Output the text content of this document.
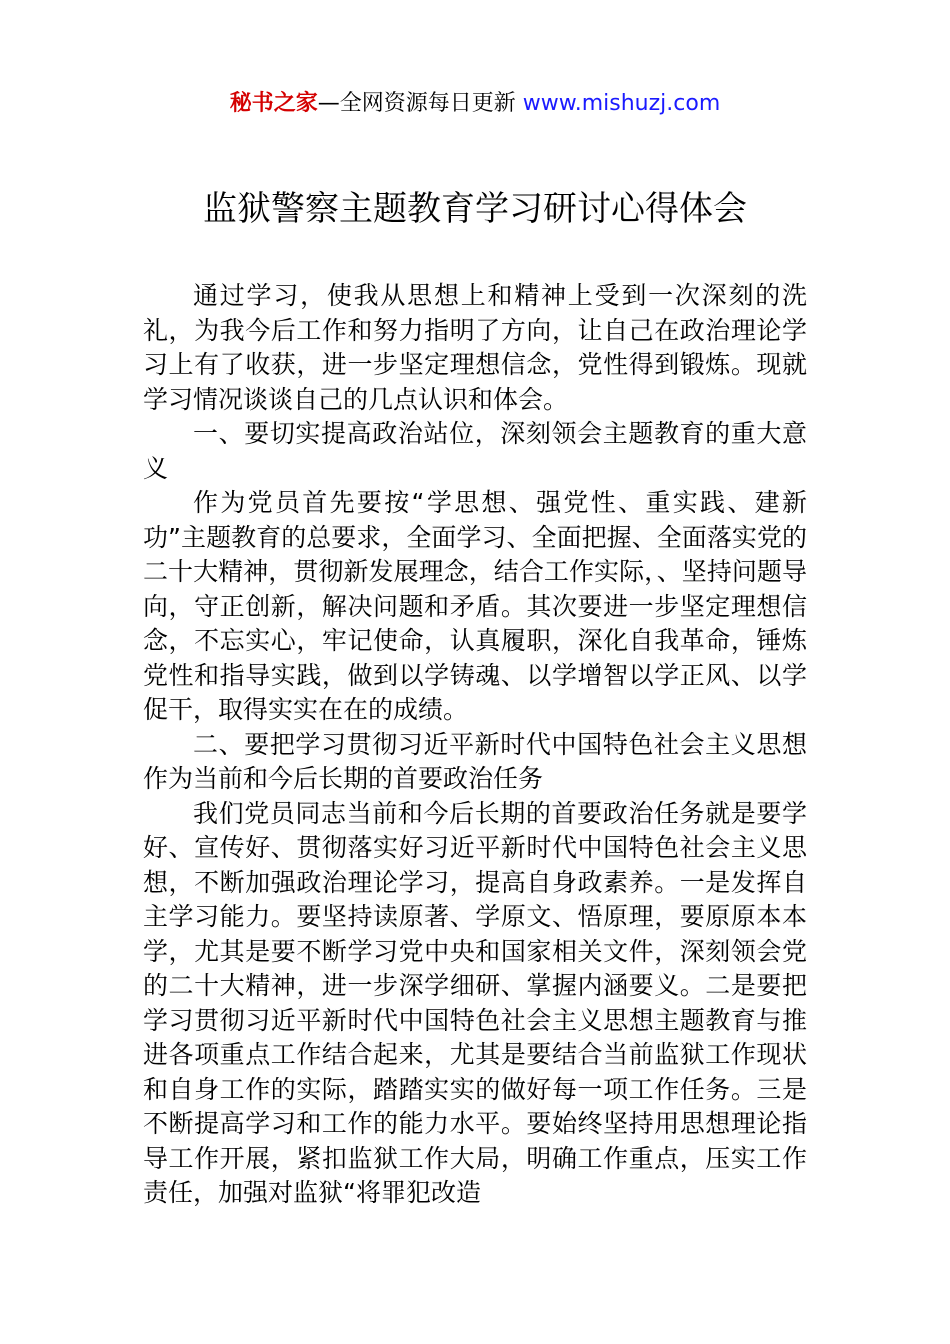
秘书之家—全网资源每日更新 www.mishuzj.com
监狱警察主题教育学习研讨心得体会

通过学习，使我从思想上和精神上受到一次深刻的洗礼，为我今后工作和努力指明了方向，让自己在政治理论学习上有了收获，进一步坚定理想信念，党性得到锻炼。现就学习情况谈谈自己的几点认识和体会。

一、要切实提高政治站位，深刻领会主题教育的重大意义

作为党员首先要按“学思想、强党性、重实践、建新功”主题教育的总要求，全面学习、全面把握、全面落实党的二十大精神，贯彻新发展理念，结合工作实际，、坚持问题导向，守正创新，解决问题和矛盾。其次要进一步坚定理想信念，不忘实心，牢记使命，认真履职，深化自我革命，锤炼党性和指导实践，做到以学铸魂、以学增智以学正风、以学促干，取得实实在在的成绩。

二、要把学习贯彻习近平新时代中国特色社会主义思想作为当前和今后长期的首要政治任务

我们党员同志当前和今后长期的首要政治任务就是要学好、宣传好、贯彻落实好习近平新时代中国特色社会主义思想，不断加强政治理论学习，提高自身政素养。一是发挥自主学习能力。要坚持读原著、学原文、悟原理，要原原本本学，尤其是要不断学习党中央和国家相关文件，深刻领会党的二十大精神，进一步深学细研、掌握内涵要义。二是要把学习贯彻习近平新时代中国特色社会主义思想主题教育与推进各项重点工作结合起来，尤其是要结合当前监狱工作现状和自身工作的实际，踏踏实实的做好每一项工作任务。三是不断提高学习和工作的能力水平。要始终坚持用思想理论指导工作开展，紧扣监狱工作大局，明确工作重点，压实工作责任，加强对监狱“将罪犯改造
